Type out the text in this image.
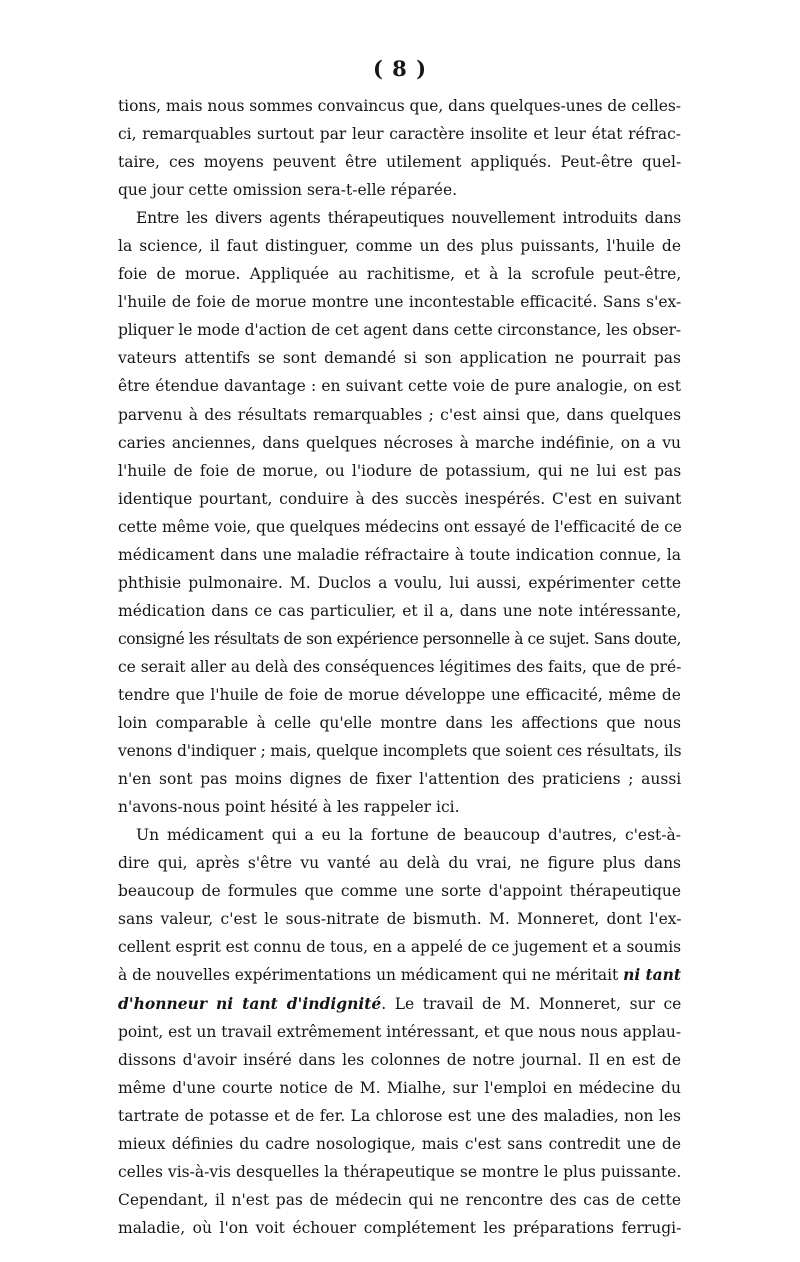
( 8 )

tions, mais nous sommes convaincus que, dans quelques-unes de celles-
ci, remarquables surtout par leur caractère insolite et leur état réfrac-
taire, ces moyens peuvent être utilement appliqués. Peut-être quel-
que jour cette omission sera-t-elle réparée.

Entre les divers agents thérapeutiques nouvellement introduits dans
la science, il faut distinguer, comme un des plus puissants, l'huile de
foie de morue. Appliquée au rachitisme, et à la scrofule peut-être,
l'huile de foie de morue montre une incontestable efficacité. Sans s'ex-
pliquer le mode d'action de cet agent dans cette circonstance, les obser-
vateurs attentifs se sont demandé si son application ne pourrait pas
être étendue davantage : en suivant cette voie de pure analogie, on est
parvenu à des résultats remarquables ; c'est ainsi que, dans quelques
caries anciennes, dans quelques nécroses à marche indéfinie, on a vu
l'huile de foie de morue, ou l'iodure de potassium, qui ne lui est pas
identique pourtant, conduire à des succès inespérés. C'est en suivant
cette même voie, que quelques médecins ont essayé de l'efficacité de ce
médicament dans une maladie réfractaire à toute indication connue, la
phthisie pulmonaire. M. Duclos a voulu, lui aussi, expérimenter cette
médication dans ce cas particulier, et il a, dans une note intéressante,
consigné les résultats de son expérience personnelle à ce sujet. Sans doute,
ce serait aller au delà des conséquences légitimes des faits, que de pré-
tendre que l'huile de foie de morue développe une efficacité, même de
loin comparable à celle qu'elle montre dans les affections que nous
venons d'indiquer ; mais, quelque incomplets que soient ces résultats, ils
n'en sont pas moins dignes de fixer l'attention des praticiens ; aussi
n'avons-nous point hésité à les rappeler ici.

Un médicament qui a eu la fortune de beaucoup d'autres, c'est-à-
dire qui, après s'être vu vanté au delà du vrai, ne figure plus dans
beaucoup de formules que comme une sorte d'appoint thérapeutique
sans valeur, c'est le sous-nitrate de bismuth. M. Monneret, dont l'ex-
cellent esprit est connu de tous, en a appelé de ce jugement et a soumis
à de nouvelles expérimentations un médicament qui ne méritait ni tant
d'honneur ni tant d'indignité. Le travail de M. Monneret, sur ce
point, est un travail extrêmement intéressant, et que nous nous applau-
dissons d'avoir inséré dans les colonnes de notre journal. Il en est de
même d'une courte notice de M. Mialhe, sur l'emploi en médecine du
tartrate de potasse et de fer. La chlorose est une des maladies, non les
mieux définies du cadre nosologique, mais c'est sans contredit une de
celles vis-à-vis desquelles la thérapeutique se montre le plus puissante.
Cependant, il n'est pas de médecin qui ne rencontre des cas de cette
maladie, où l'on voit échouer complétement les préparations ferrugi-
